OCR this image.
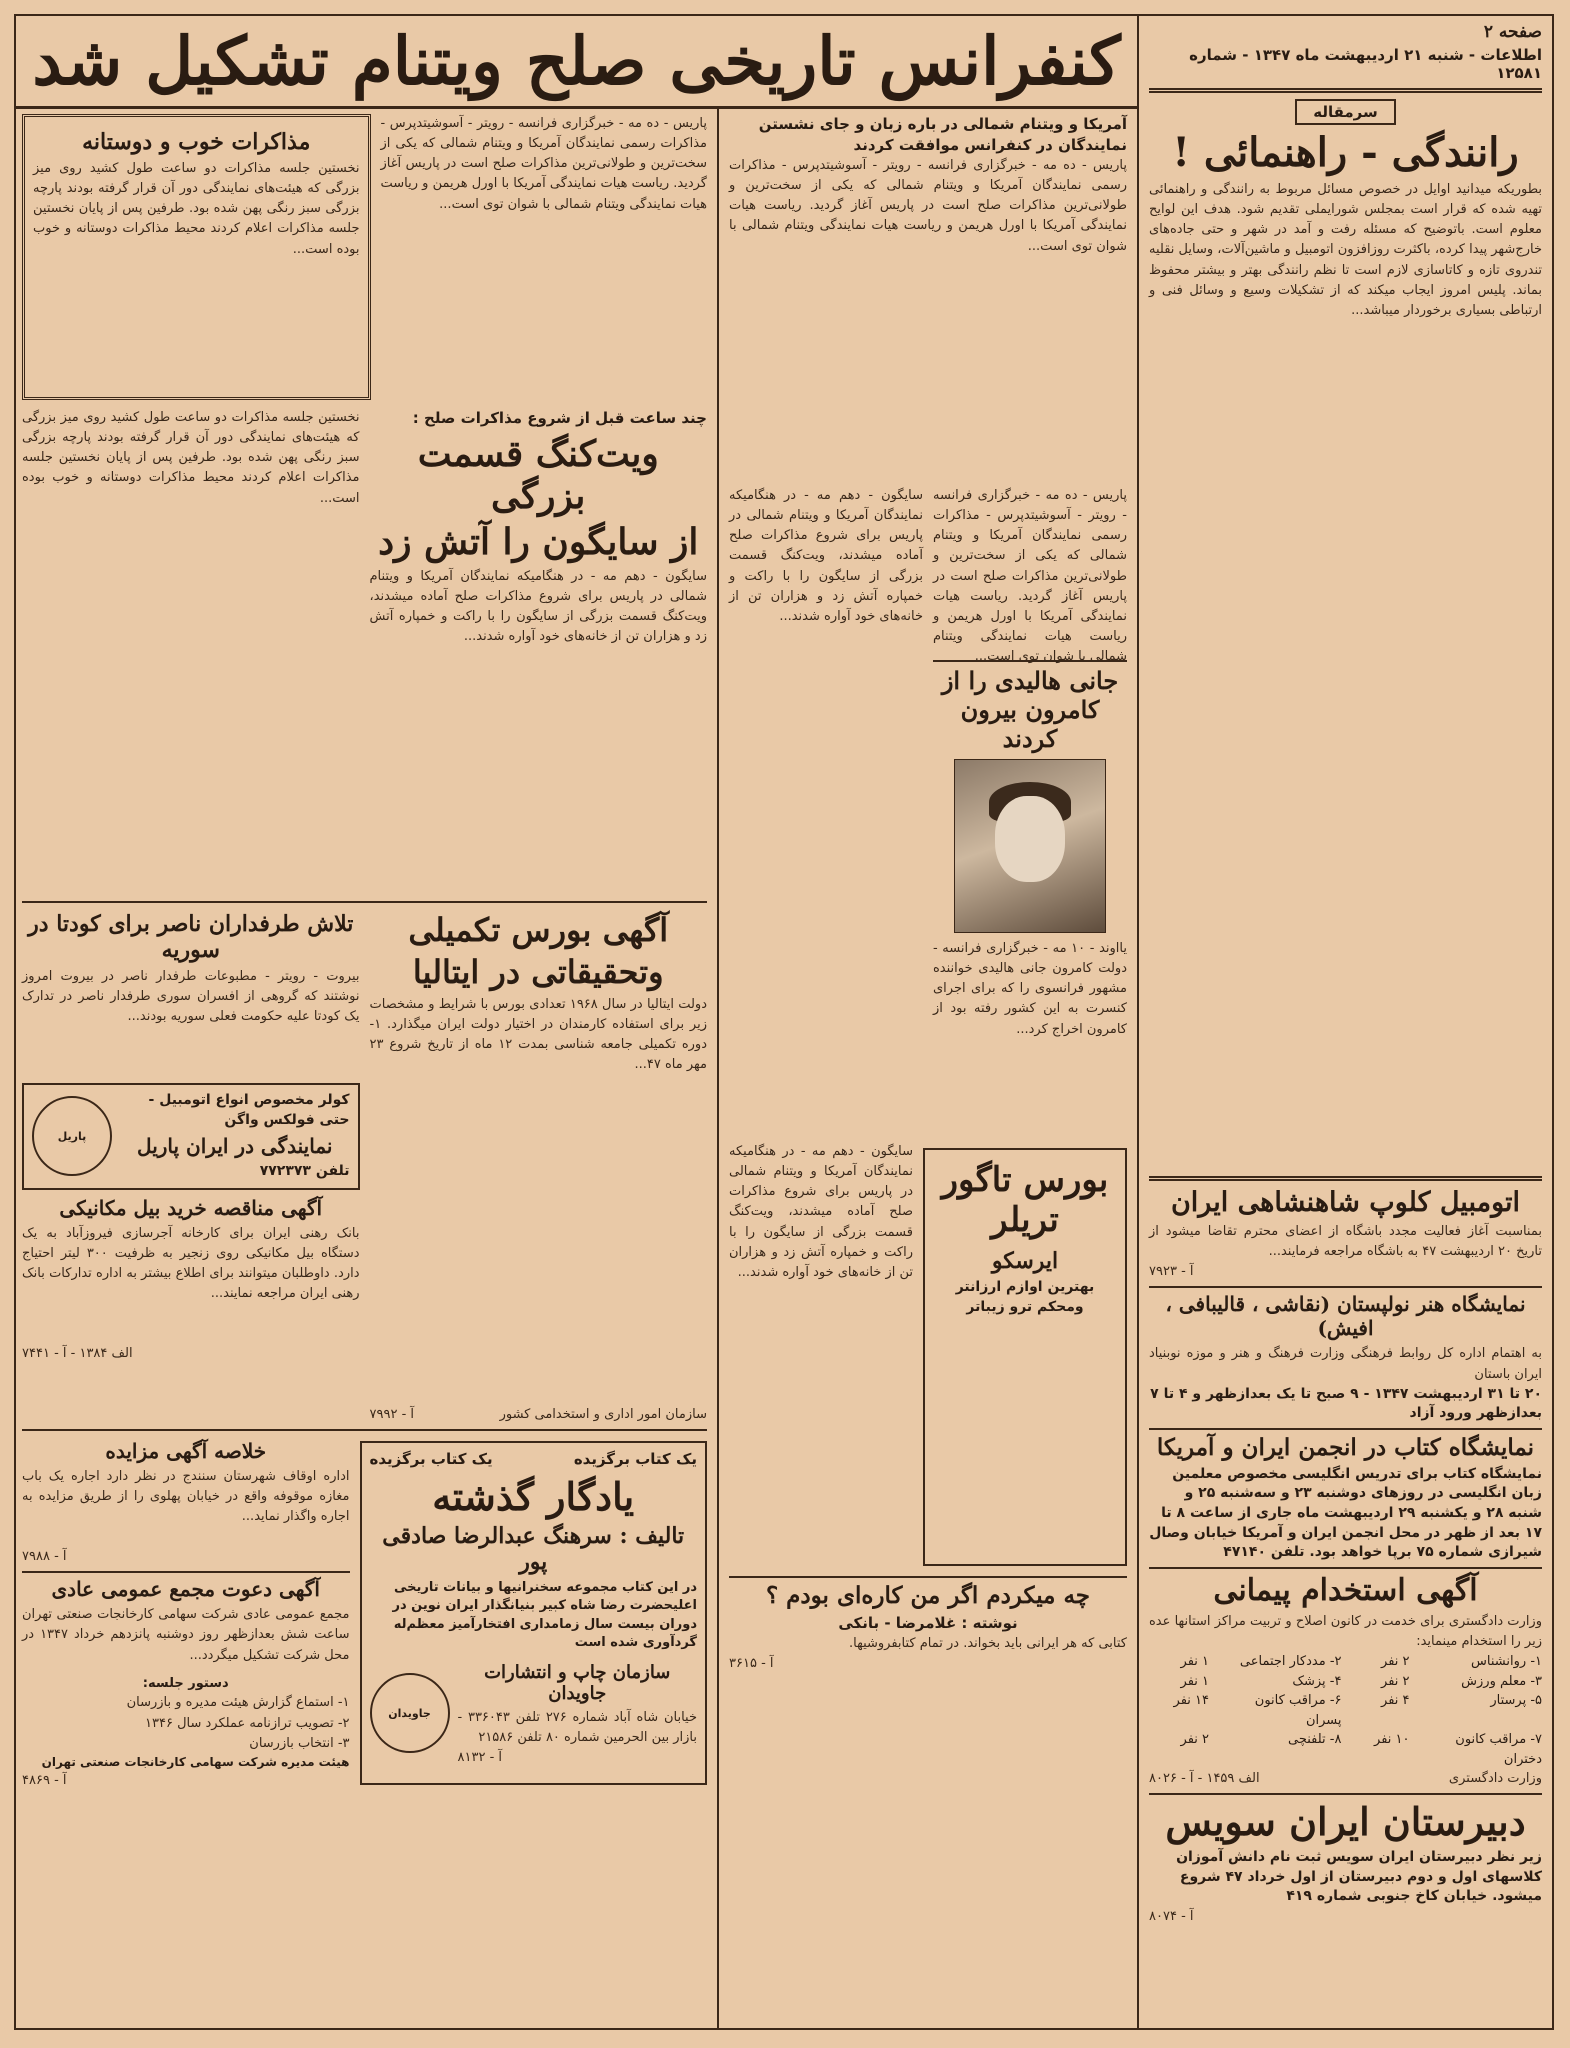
صفحه ۲
اطلاعات - شنبه ۲۱ اردیبهشت ماه ۱۳۴۷ - شماره ۱۲۵۸۱
سرمقاله
رانندگی - راهنمائی !
بطوریکه میدانید اوایل در خصوص مسائل مربوط به رانندگی و راهنمائی تهیه شده که قرار است بمجلس شورایملی تقدیم شود. هدف این لوایح معلوم است. باتوضیح که مسئله رفت و آمد در شهر و حتی جاده‌های خارج‌شهر پیدا کرده، باکثرت روزافزون اتومبیل و ماشین‌آلات، وسایل نقلیه تندروی تازه و کاتاسازی لازم است تا نظم رانندگی بهتر و بیشتر محفوظ بماند. پلیس امروز ایجاب میکند که از تشکیلات وسیع و وسائل فنی و ارتباطی بسیاری برخوردار میباشد...
اتومبیل کلوپ شاهنشاهی ایران
بمناسبت آغاز فعالیت مجدد باشگاه از اعضای محترم تقاضا میشود از تاریخ ۲۰ اردیبهشت ۴۷ به باشگاه مراجعه فرمایند...
آ - ۷۹۲۳
نمایشگاه هنر نولپستان (نقاشی ، قالیبافی ، افیش)
به اهتمام اداره کل روابط فرهنگی وزارت فرهنگ و هنر و موزه نوبنیاد ایران باستان
۲۰ تا ۳۱ اردیبهشت ۱۳۴۷ - ۹ صبح تا یک بعدازظهر و ۴ تا ۷ بعدازظهر ورود آزاد
نمایشگاه کتاب در انجمن ایران و آمریکا
نمایشگاه کتاب برای تدریس انگلیسی مخصوص معلمین زبان انگلیسی در روزهای دوشنبه ۲۳ و سه‌شنبه ۲۵ و شنبه ۲۸ و یکشنبه ۲۹ اردیبهشت ماه جاری از ساعت ۸ تا ۱۷ بعد از ظهر در محل انجمن ایران و آمریکا خیابان وصال شیرازی شماره ۷۵ برپا خواهد بود. تلفن ۴۷۱۴۰
آگهی استخدام پیمانی
وزارت دادگستری برای خدمت در کانون اصلاح و تربیت مراکز استانها عده زیر را استخدام مینماید:
۱- روانشناس
۲ نفر
۲- مددکار اجتماعی
۱ نفر
۳- معلم ورزش
۲ نفر
۴- پزشک
۱ نفر
۵- پرستار
۴ نفر
۶- مراقب کانون پسران
۱۴ نفر
۷- مراقب کانون دختران
۱۰ نفر
۸- تلفنچی
۲ نفر
وزارت دادگستری
الف ۱۴۵۹ - آ - ۸۰۲۶
دبیرستان ایران سویس
زیر نظر دبیرستان ایران سویس ثبت نام دانش آموزان کلاسهای اول و دوم دبیرستان از اول خرداد ۴۷ شروع میشود. خیابان کاخ جنوبی شماره ۴۱۹
آ - ۸۰۷۴
کنفرانس تاریخی صلح ویتنام تشکیل شد
آمریکا و ویتنام شمالی در باره زبان و جای نشستن نمایندگان در کنفرانس موافقت کردند
پاریس - ده مه - خبرگزاری فرانسه - رویتر - آسوشیتدپرس - مذاکرات رسمی نمایندگان آمریکا و ویتنام شمالی که یکی از سخت‌ترین و طولانی‌ترین مذاکرات صلح است در پاریس آغاز گردید. ریاست هیات نمایندگی آمریکا با اورل هریمن و ریاست هیات نمایندگی ویتنام شمالی با شوان توی است...
پاریس - ده مه - خبرگزاری فرانسه - رویتر - آسوشیتدپرس - مذاکرات رسمی نمایندگان آمریکا و ویتنام شمالی که یکی از سخت‌ترین و طولانی‌ترین مذاکرات صلح است در پاریس آغاز گردید. ریاست هیات نمایندگی آمریکا با اورل هریمن و ریاست هیات نمایندگی ویتنام شمالی با شوان توی است...
جانی هالیدی را از کامرون بیرون کردند
یااوند - ۱۰ مه - خبرگزاری فرانسه - دولت کامرون جانی هالیدی خواننده مشهور فرانسوی را که برای اجرای کنسرت به این کشور رفته بود از کامرون اخراج کرد...
سایگون - دهم مه - در هنگامیکه نمایندگان آمریکا و ویتنام شمالی در پاریس برای شروع مذاکرات صلح آماده میشدند، ویت‌کنگ قسمت بزرگی از سایگون را با راکت و خمپاره آتش زد و هزاران تن از خانه‌های خود آواره شدند...
بورس تاگور تریلر
ایرسکو
بهترین اوازم ارزانتر ومحکم ترو زیباتر
سایگون - دهم مه - در هنگامیکه نمایندگان آمریکا و ویتنام شمالی در پاریس برای شروع مذاکرات صلح آماده میشدند، ویت‌کنگ قسمت بزرگی از سایگون را با راکت و خمپاره آتش زد و هزاران تن از خانه‌های خود آواره شدند...
چه میکردم اگر من کاره‌ای بودم ؟
نوشته : غلامرضا - بانکی
کتابی که هر ایرانی باید بخواند. در تمام کتابفروشیها.
آ - ۳۶۱۵
پاریس - ده مه - خبرگزاری فرانسه - رویتر - آسوشیتدپرس - مذاکرات رسمی نمایندگان آمریکا و ویتنام شمالی که یکی از سخت‌ترین و طولانی‌ترین مذاکرات صلح است در پاریس آغاز گردید. ریاست هیات نمایندگی آمریکا با اورل هریمن و ریاست هیات نمایندگی ویتنام شمالی با شوان توی است...
مذاکرات خوب و دوستانه
نخستین جلسه مذاکرات دو ساعت طول کشید روی میز بزرگی که هیئت‌های نمایندگی دور آن قرار گرفته بودند پارچه بزرگی سبز رنگی پهن شده بود. طرفین پس از پایان نخستین جلسه مذاکرات اعلام کردند محیط مذاکرات دوستانه و خوب بوده است...
چند ساعت قبل از شروع مذاکرات صلح :
ویت‌کنگ قسمت بزرگی
از سایگون را آتش زد
سایگون - دهم مه - در هنگامیکه نمایندگان آمریکا و ویتنام شمالی در پاریس برای شروع مذاکرات صلح آماده میشدند، ویت‌کنگ قسمت بزرگی از سایگون را با راکت و خمپاره آتش زد و هزاران تن از خانه‌های خود آواره شدند...
نخستین جلسه مذاکرات دو ساعت طول کشید روی میز بزرگی که هیئت‌های نمایندگی دور آن قرار گرفته بودند پارچه بزرگی سبز رنگی پهن شده بود. طرفین پس از پایان نخستین جلسه مذاکرات اعلام کردند محیط مذاکرات دوستانه و خوب بوده است...
آگهی بورس تکمیلی
وتحقیقاتی در ایتالیا
دولت ایتالیا در سال ۱۹۶۸ تعدادی بورس با شرایط و مشخصات زیر برای استفاده کارمندان در اختیار دولت ایران میگذارد. ۱- دوره تکمیلی جامعه شناسی بمدت ۱۲ ماه از تاریخ شروع ۲۳ مهر ماه ۴۷...
سازمان امور اداری و استخدامی کشور
آ - ۷۹۹۲
تلاش طرفداران ناصر برای کودتا در سوریه
بیروت - رویتر - مطبوعات طرفدار ناصر در بیروت امروز نوشتند که گروهی از افسران سوری طرفدار ناصر در تدارک یک کودتا علیه حکومت فعلی سوریه بودند...
کولر مخصوص انواع اتومبیل - حتی فولکس واگن
نمایندگی در ایران پاریل
تلفن ۷۷۲۳۷۳
پاریل
آگهی مناقصه خرید بیل مکانیکی
بانک رهنی ایران برای کارخانه آجرسازی فیروزآباد به یک دستگاه بیل مکانیکی روی زنجیر به ظرفیت ۳۰۰ لیتر احتیاج دارد. داوطلبان میتوانند برای اطلاع بیشتر به اداره تدارکات بانک رهنی ایران مراجعه نمایند...
الف ۱۳۸۴ - آ - ۷۴۴۱
یک کتاب برگزیده
یک کتاب برگزیده
یادگار گذشته
تالیف : سرهنگ عبدالرضا صادقی پور
در این کتاب مجموعه سخنرانیها و بیانات تاریخی اعلیحضرت رضا شاه کبیر بنیانگذار ایران نوین در دوران بیست سال زمامداری افتخارآمیز معظم‌له گردآوری شده است
سازمان چاپ و انتشارات جاویدان
خیابان شاه آباد شماره ۲۷۶ تلفن ۳۳۶۰۴۳ - بازار بین الحرمین شماره ۸۰ تلفن ۲۱۵۸۶
آ - ۸۱۳۲
جاویدان
خلاصه آگهی مزایده
اداره اوقاف شهرستان سنندج در نظر دارد اجاره یک باب مغازه موقوفه واقع در خیابان پهلوی را از طریق مزایده به اجاره واگذار نماید...
آ - ۷۹۸۸
آگهی دعوت مجمع عمومی عادی
مجمع عمومی عادی شرکت سهامی کارخانجات صنعتی تهران ساعت شش بعدازظهر روز دوشنبه پانزدهم خرداد ۱۳۴۷ در محل شرکت تشکیل میگردد...
دستور جلسه:
۱- استماع گزارش هیئت مدیره و بازرسان
۲- تصویب ترازنامه عملکرد سال ۱۳۴۶
۳- انتخاب بازرسان
هیئت مدیره شرکت سهامی کارخانجات صنعتی تهران
آ - ۴۸۶۹
